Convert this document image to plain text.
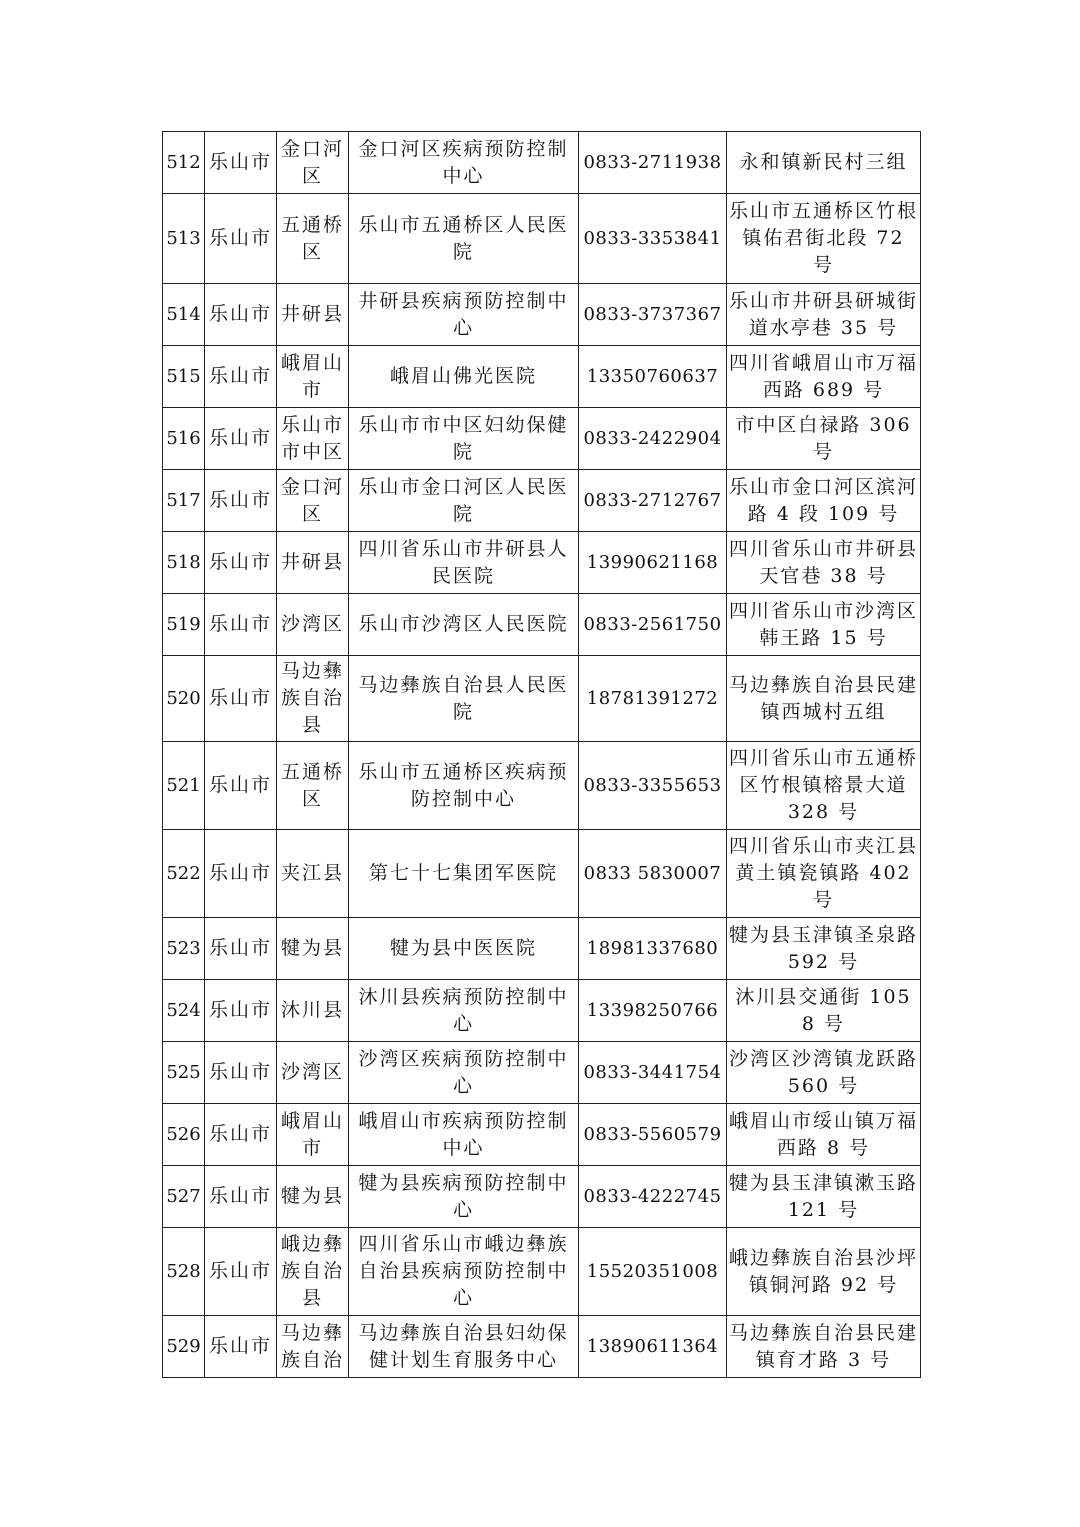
512	乐山市	金口河区	金口河区疾病预防控制中心	0833-2711938	永和镇新民村三组
513	乐山市	五通桥区	乐山市五通桥区人民医院	0833-3353841	乐山市五通桥区竹根镇佑君街北段 72 号
514	乐山市	井研县	井研县疾病预防控制中心	0833-3737367	乐山市井研县研城街道水亭巷 35 号
515	乐山市	峨眉山市	峨眉山佛光医院	13350760637	四川省峨眉山市万福西路 689 号
516	乐山市	乐山市市中区	乐山市市中区妇幼保健院	0833-2422904	市中区白禄路 306 号
517	乐山市	金口河区	乐山市金口河区人民医院	0833-2712767	乐山市金口河区滨河路 4 段 109 号
518	乐山市	井研县	四川省乐山市井研县人民医院	13990621168	四川省乐山市井研县天官巷 38 号
519	乐山市	沙湾区	乐山市沙湾区人民医院	0833-2561750	四川省乐山市沙湾区韩王路 15 号
520	乐山市	马边彝族自治县	马边彝族自治县人民医院	18781391272	马边彝族自治县民建镇西城村五组
521	乐山市	五通桥区	乐山市五通桥区疾病预防控制中心	0833-3355653	四川省乐山市五通桥区竹根镇榕景大道 328 号
522	乐山市	夹江县	第七十七集团军医院	0833 5830007	四川省乐山市夹江县黄土镇瓷镇路 402 号
523	乐山市	犍为县	犍为县中医医院	18981337680	犍为县玉津镇圣泉路 592 号
524	乐山市	沐川县	沐川县疾病预防控制中心	13398250766	沐川县交通街 1058 号
525	乐山市	沙湾区	沙湾区疾病预防控制中心	0833-3441754	沙湾区沙湾镇龙跃路 560 号
526	乐山市	峨眉山市	峨眉山市疾病预防控制中心	0833-5560579	峨眉山市绥山镇万福西路 8 号
527	乐山市	犍为县	犍为县疾病预防控制中心	0833-4222745	犍为县玉津镇漱玉路 121 号
528	乐山市	峨边彝族自治县	四川省乐山市峨边彝族自治县疾病预防控制中心	15520351008	峨边彝族自治县沙坪镇铜河路 92 号
529	乐山市	马边彝族自治	马边彝族自治县妇幼保健计划生育服务中心	13890611364	马边彝族自治县民建镇育才路 3 号
